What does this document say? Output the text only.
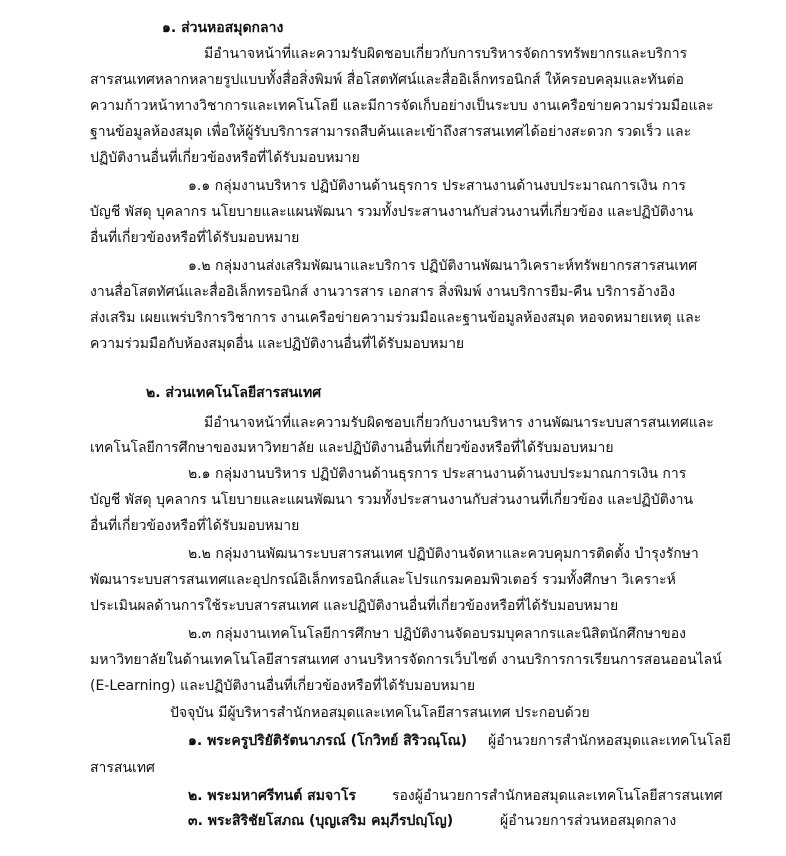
๑. ส่วนหอสมุดกลาง
มีอำนาจหน้าที่และความรับผิดชอบเกี่ยวกับการบริหารจัดการทรัพยากรและบริการ
สารสนเทศหลากหลายรูปแบบทั้งสื่อสิ่งพิมพ์ สื่อโสตทัศน์และสื่ออิเล็กทรอนิกส์ ให้ครอบคลุมและทันต่อ
ความก้าวหน้าทางวิชาการและเทคโนโลยี และมีการจัดเก็บอย่างเป็นระบบ งานเครือข่ายความร่วมมือและ
ฐานข้อมูลห้องสมุด เพื่อให้ผู้รับบริการสามารถสืบค้นและเข้าถึงสารสนเทศได้อย่างสะดวก รวดเร็ว และ
ปฏิบัติงานอื่นที่เกี่ยวข้องหรือที่ได้รับมอบหมาย
๑.๑ กลุ่มงานบริหาร ปฏิบัติงานด้านธุรการ ประสานงานด้านงบประมาณการเงิน การ
บัญชี พัสดุ บุคลากร นโยบายและแผนพัฒนา รวมทั้งประสานงานกับส่วนงานที่เกี่ยวข้อง และปฏิบัติงาน
อื่นที่เกี่ยวข้องหรือที่ได้รับมอบหมาย
๑.๒ กลุ่มงานส่งเสริมพัฒนาและบริการ ปฏิบัติงานพัฒนาวิเคราะห์ทรัพยากรสารสนเทศ
งานสื่อโสตทัศน์และสื่ออิเล็กทรอนิกส์ งานวารสาร เอกสาร สิ่งพิมพ์ งานบริการยืม-คืน บริการอ้างอิง
ส่งเสริม เผยแพร่บริการวิชาการ งานเครือข่ายความร่วมมือและฐานข้อมูลห้องสมุด หอจดหมายเหตุ และ
ความร่วมมือกับห้องสมุดอื่น และปฏิบัติงานอื่นที่ได้รับมอบหมาย
๒. ส่วนเทคโนโลยีสารสนเทศ
มีอำนาจหน้าที่และความรับผิดชอบเกี่ยวกับงานบริหาร งานพัฒนาระบบสารสนเทศและ
เทคโนโลยีการศึกษาของมหาวิทยาลัย และปฏิบัติงานอื่นที่เกี่ยวข้องหรือที่ได้รับมอบหมาย
๒.๑ กลุ่มงานบริหาร ปฏิบัติงานด้านธุรการ ประสานงานด้านงบประมาณการเงิน การ
บัญชี พัสดุ บุคลากร นโยบายและแผนพัฒนา รวมทั้งประสานงานกับส่วนงานที่เกี่ยวข้อง และปฏิบัติงาน
อื่นที่เกี่ยวข้องหรือที่ได้รับมอบหมาย
๒.๒ กลุ่มงานพัฒนาระบบสารสนเทศ ปฏิบัติงานจัดหาและควบคุมการติดตั้ง บำรุงรักษา
พัฒนาระบบสารสนเทศและอุปกรณ์อิเล็กทรอนิกส์และโปรแกรมคอมพิวเตอร์ รวมทั้งศึกษา วิเคราะห์
ประเมินผลด้านการใช้ระบบสารสนเทศ และปฏิบัติงานอื่นที่เกี่ยวข้องหรือที่ได้รับมอบหมาย
๒.๓ กลุ่มงานเทคโนโลยีการศึกษา ปฏิบัติงานจัดอบรมบุคลากรและนิสิตนักศึกษาของ
มหาวิทยาลัยในด้านเทคโนโลยีสารสนเทศ งานบริหารจัดการเว็บไซต์ งานบริการการเรียนการสอนออนไลน์
(E-Learning) และปฏิบัติงานอื่นที่เกี่ยวข้องหรือที่ได้รับมอบหมาย
ปัจจุบัน มีผู้บริหารสำนักหอสมุดและเทคโนโลยีสารสนเทศ ประกอบด้วย
๑. พระครูปริยัติรัตนาภรณ์ (โกวิทย์ สิริวณฺโณ) ผู้อำนวยการสำนักหอสมุดและเทคโนโลยี
สารสนเทศ
๒. พระมหาศรีทนต์ สมจาโร	รองผู้อำนวยการสำนักหอสมุดและเทคโนโลยีสารสนเทศ
๓. พระสิริชัยโสภณ (บุญเสริม คมฺภีรปญฺโญ)	ผู้อำนวยการส่วนหอสมุดกลาง
